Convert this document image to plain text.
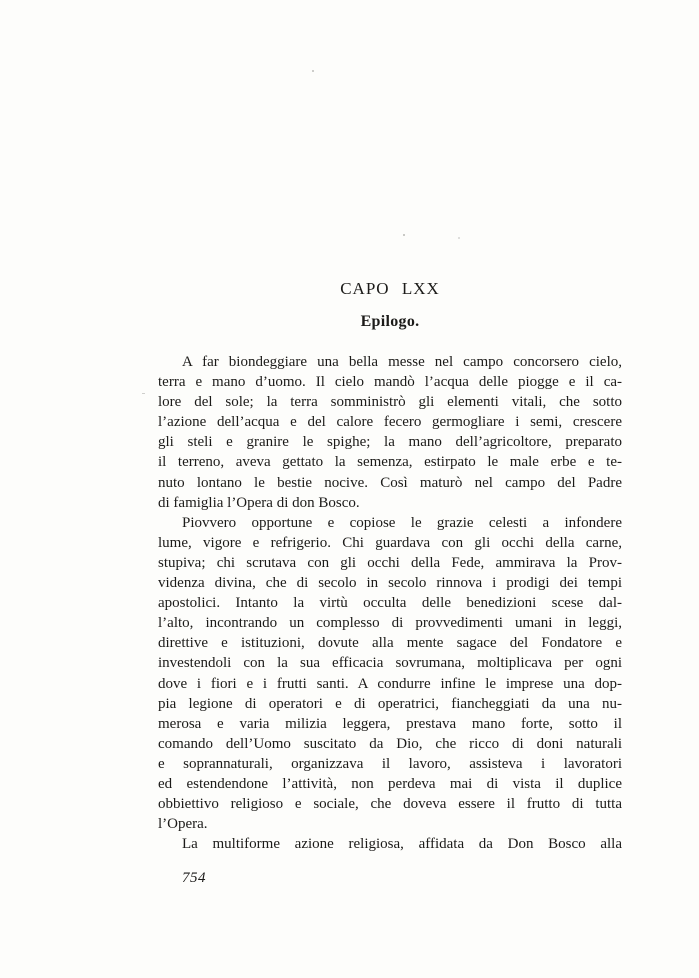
CAPO LXX
Epilogo.
A far biondeggiare una bella messe nel campo concorsero cielo,
terra e mano d’uomo. Il cielo mandò l’acqua delle piogge e il ca-
lore del sole; la terra somministrò gli elementi vitali, che sotto
l’azione dell’acqua e del calore fecero germogliare i semi, crescere
gli steli e granire le spighe; la mano dell’agricoltore, preparato
il terreno, aveva gettato la semenza, estirpato le male erbe e te-
nuto lontano le bestie nocive. Così maturò nel campo del Padre
di famiglia l’Opera di don Bosco.
Piovvero opportune e copiose le grazie celesti a infondere
lume, vigore e refrigerio. Chi guardava con gli occhi della carne,
stupiva; chi scrutava con gli occhi della Fede, ammirava la Prov-
videnza divina, che di secolo in secolo rinnova i prodigi dei tempi
apostolici. Intanto la virtù occulta delle benedizioni scese dal-
l’alto, incontrando un complesso di provvedimenti umani in leggi,
direttive e istituzioni, dovute alla mente sagace del Fondatore e
investendoli con la sua efficacia sovrumana, moltiplicava per ogni
dove i fiori e i frutti santi. A condurre infine le imprese una dop-
pia legione di operatori e di operatrici, fiancheggiati da una nu-
merosa e varia milizia leggera, prestava mano forte, sotto il
comando dell’Uomo suscitato da Dio, che ricco di doni naturali
e soprannaturali, organizzava il lavoro, assisteva i lavoratori
ed estendendone l’attività, non perdeva mai di vista il duplice
obbiettivo religioso e sociale, che doveva essere il frutto di tutta
l’Opera.
La multiforme azione religiosa, affidata da Don Bosco alla
754
